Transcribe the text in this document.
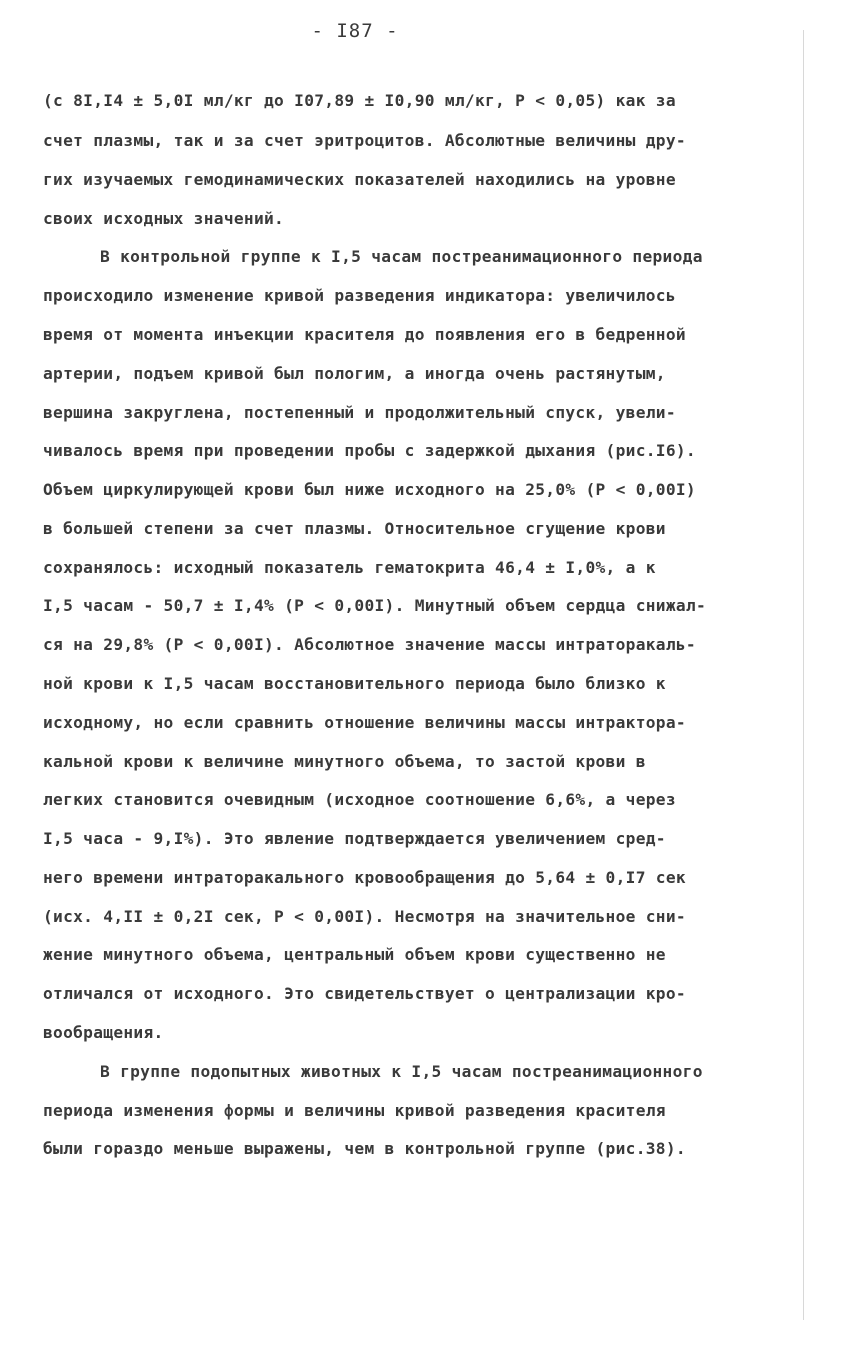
- I87 -
(с 8I,I4 ± 5,0I мл/кг до I07,89 ± I0,90 мл/кг, Р < 0,05) как за
счет плазмы, так и за счет эритроцитов. Абсолютные величины дру-
гих изучаемых гемодинамических показателей находились на уровне
своих исходных значений.
В контрольной группе к I,5 часам постреанимационного периода
происходило изменение кривой разведения индикатора: увеличилось
время от момента инъекции красителя до появления его в бедренной
артерии, подъем кривой был пологим, а иногда очень растянутым,
вершина закруглена, постепенный и продолжительный спуск, увели-
чивалось время при проведении пробы с задержкой дыхания (рис.I6).
Объем циркулирующей крови был ниже исходного на 25,0% (Р < 0,00I)
в большей степени за счет плазмы. Относительное сгущение крови
сохранялось: исходный показатель гематокрита 46,4 ± I,0%, а к
I,5 часам - 50,7 ± I,4% (Р < 0,00I). Минутный объем сердца снижал-
ся на 29,8% (Р < 0,00I). Абсолютное значение массы интраторакаль-
ной крови к I,5 часам восстановительного периода было близко к
исходному, но если сравнить отношение величины массы интрактора-
кальной крови к величине минутного объема, то застой крови в
легких становится очевидным (исходное соотношение 6,6%, а через
I,5 часа - 9,I%). Это явление подтверждается увеличением сред-
него времени интраторакального кровообращения до 5,64 ± 0,I7 сек
(исх. 4,II ± 0,2I сек, Р < 0,00I). Несмотря на значительное сни-
жение минутного объема, центральный объем крови существенно не
отличался от исходного. Это свидетельствует о централизации кро-
вообращения.
В группе подопытных животных к I,5 часам постреанимационного
периода изменения формы и величины кривой разведения красителя
были гораздо меньше выражены, чем в контрольной группе (рис.38).
